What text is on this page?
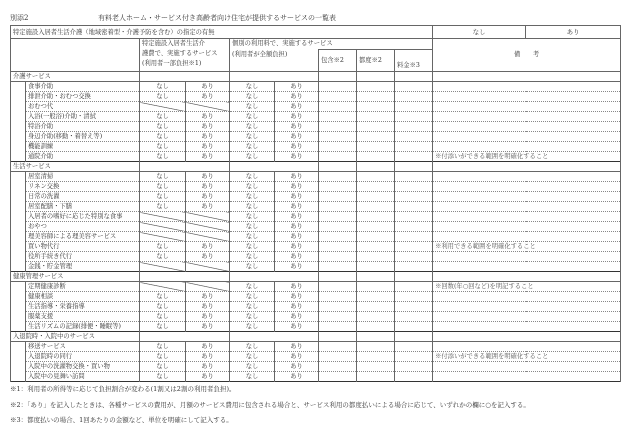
別添2	有料老人ホーム・サービス付き高齢者向け住宅が提供するサービスの一覧表
特定施設入居者生活介護（地域密着型・介護予防を含む）の指定の有無									なし	あり

		特定施設入居者生活介
護費で、実施するサービス
(利用者一部負担※1)		個別の利用料で、実施するサービス					備　　考	
				(利用者が全額負担)		包含※2	都度※2	料金※3		
介護サービス										
	食事介助	なし	あり	なし	あり					
	排泄介助・おむつ交換	なし	あり	なし	あり					
	おむつ代			なし	あり					
	入浴(一般浴)介助・清拭	なし	あり	なし	あり					
	特浴介助	なし	あり	なし	あり					
	身辺介助(移動・着替え等)	なし	あり	なし	あり					
	機能訓練	なし	あり	なし	あり					
	通院介助	なし	あり	なし	あり				※付添いができる範囲を明確化すること	
生活サービス										
	居室清掃	なし	あり	なし	あり					
	リネン交換	なし	あり	なし	あり					
	日常の洗濯	なし	あり	なし	あり					
	居室配膳・下膳	なし	あり	なし	あり					
	入居者の嗜好に応じた特別な食事			なし	あり					
	おやつ			なし	あり					
	理美容師による理美容サービス			なし	あり					
	買い物代行	なし	あり	なし	あり				※利用できる範囲を明確化すること	
	役所手続き代行	なし	あり	なし	あり					
	金銭・貯金管理			なし	あり					
健康管理サービス										
	定期健康診断			なし	あり				※回数(年○回など)を明記すること	
	健康相談	なし	あり	なし	あり					
	生活指導・栄養指導	なし	あり	なし	あり					
	服薬支援	なし	あり	なし	あり					
	生活リズムの記録(排便・睡眠等)	なし	あり	なし	あり					
入退院時・入院中のサービス										
	移送サービス	なし	あり	なし	あり					
	入退院時の同行	なし	あり	なし	あり				※付添いができる範囲を明確化すること	
	入院中の洗濯物交換・買い物	なし	あり	なし	あり					
	入院中の見舞い訪問	なし	あり	なし	あり					
※1：利用者の所得等に応じて負担割合が変わる(1割又は2割の利用者負担)。
※2：「あり」を記入したときは、各種サービスの費用が、月額のサービス費用に包含される場合と、サービス利用の都度払いによる場合に応じて、いずれかの欄に○を記入する。
※3：都度払いの場合、1回あたりの金額など、単位を明確にして記入する。
